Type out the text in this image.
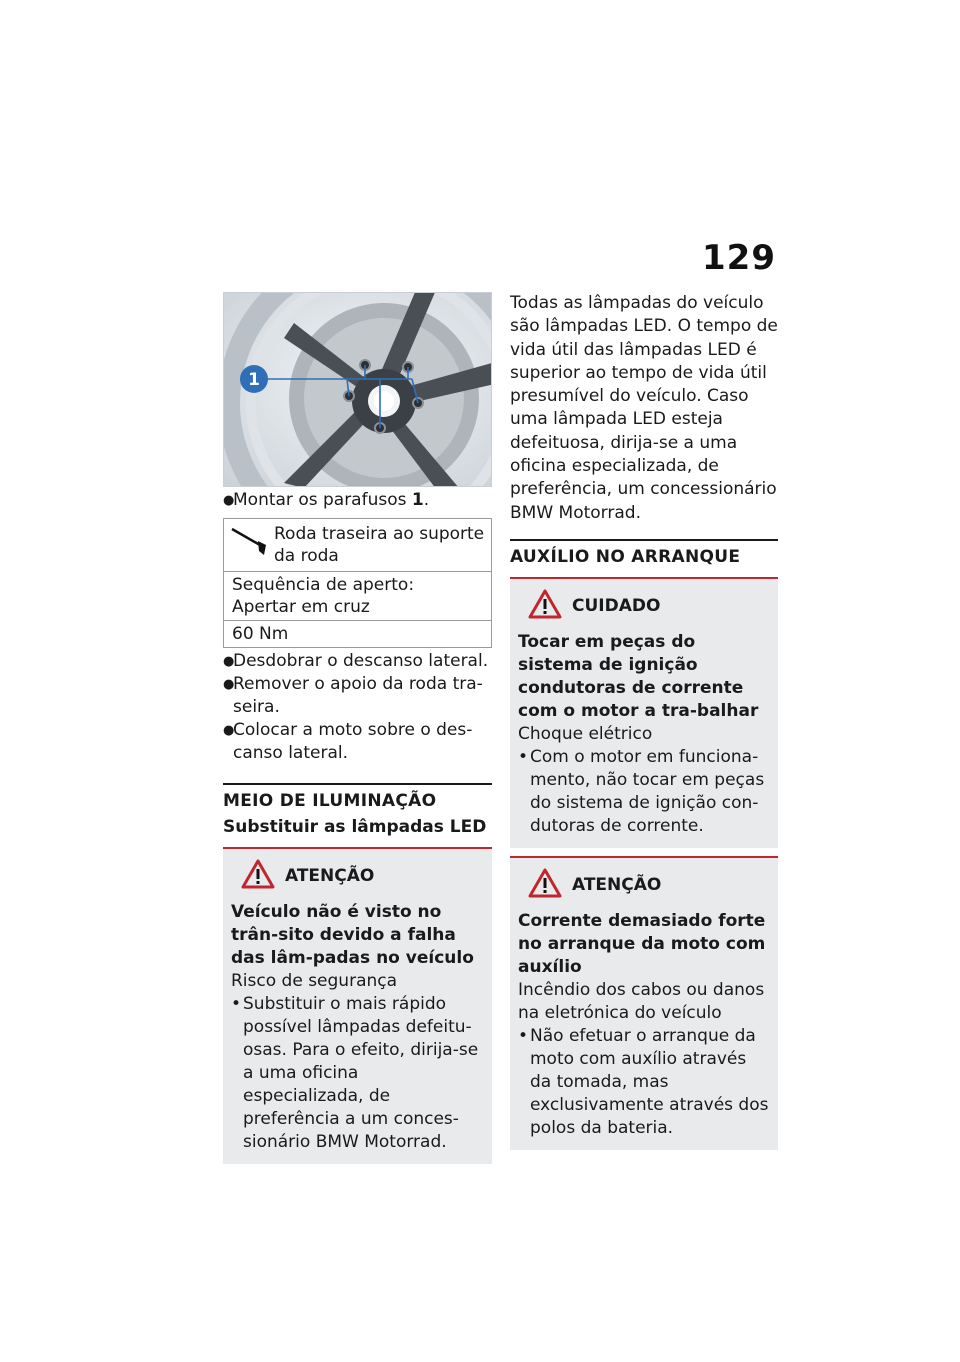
129
1
●
Montar os parafusos 1.
Roda traseira ao suporte da roda

Sequência de aperto: Apertar em cruz
60 Nm
●
Desdobrar o descanso lateral.
●
Remover o apoio da roda tra-seira.
●
Colocar a moto sobre o des-canso lateral.
MEIO DE ILUMINAÇÃO
Substituir as lâmpadas LED
ATENÇÃO
Veículo não é visto no trân-sito devido a falha das lâm-padas no veículo
Risco de segurança
• Substituir o mais rápido possível lâmpadas defeitu-osas. Para o efeito, dirija-se a uma oficina especializada, de preferência a um conces-sionário BMW Motorrad.
Todas as lâmpadas do veículo são lâmpadas LED. O tempo de vida útil das lâmpadas LED é superior ao tempo de vida útil presumível do veículo. Caso uma lâmpada LED esteja defeituosa, dirija-se a uma oficina especializada, de preferência, um concessionário BMW Motorrad.
AUXÍLIO NO ARRANQUE
CUIDADO
Tocar em peças do sistema de ignição condutoras de corrente com o motor a tra-balhar
Choque elétrico
• Com o motor em funciona-mento, não tocar em peças do sistema de ignição con-dutoras de corrente.
ATENÇÃO
Corrente demasiado forte no arranque da moto com auxílio
Incêndio dos cabos ou danos na eletrónica do veículo
• Não efetuar o arranque da moto com auxílio através da tomada, mas exclusivamente através dos polos da bateria.
